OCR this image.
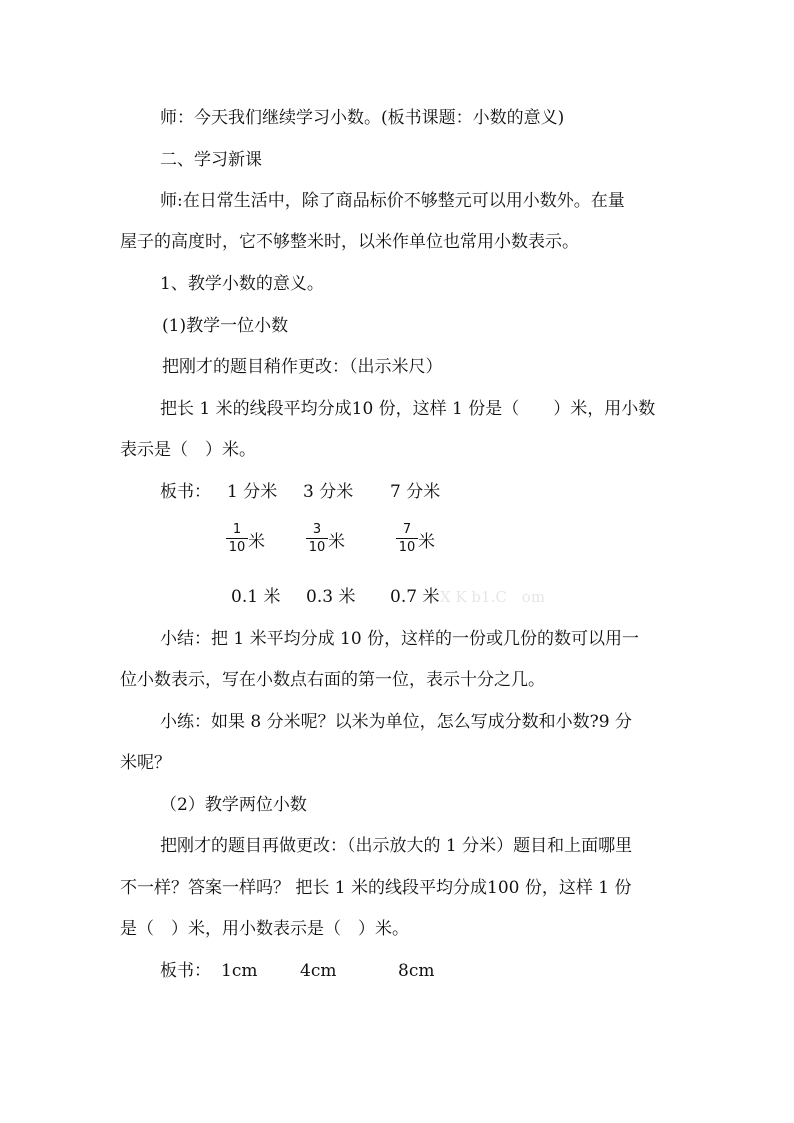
师：今天我们继续学习小数。(板书课题：小数的意义)
二、学习新课
师:在日常生活中，除了商品标价不够整元可以用小数外。在量
屋子的高度时，它不够整米时，以米作单位也常用小数表示。
1、教学小数的意义。
(1)教学一位小数
把刚才的题目稍作更改：（出示米尺）
把长 1 米的线段平均分成10 份，这样 1 份是（　　）米，用小数
表示是（　）米。
板书： 1 分米 3 分米 7 分米
$\frac{1}{10}$ 米	$\frac{3}{10}$ 米	$\frac{7}{10}$ 米
0.1 米 0.3 米 0.7 米 X K b1.C　om
小结：把 1 米平均分成 10 份，这样的一份或几份的数可以用一
位小数表示，写在小数点右面的第一位，表示十分之几。
小练：如果 8 分米呢？以米为单位，怎么写成分数和小数?9 分
米呢？
（2）教学两位小数
把刚才的题目再做更改：（出示放大的 1 分米）题目和上面哪里
不一样？答案一样吗？ 把长 1 米的线段平均分成100 份，这样 1 份
是（　）米，用小数表示是（　）米。
板书： 1cm	4cm	8cm
